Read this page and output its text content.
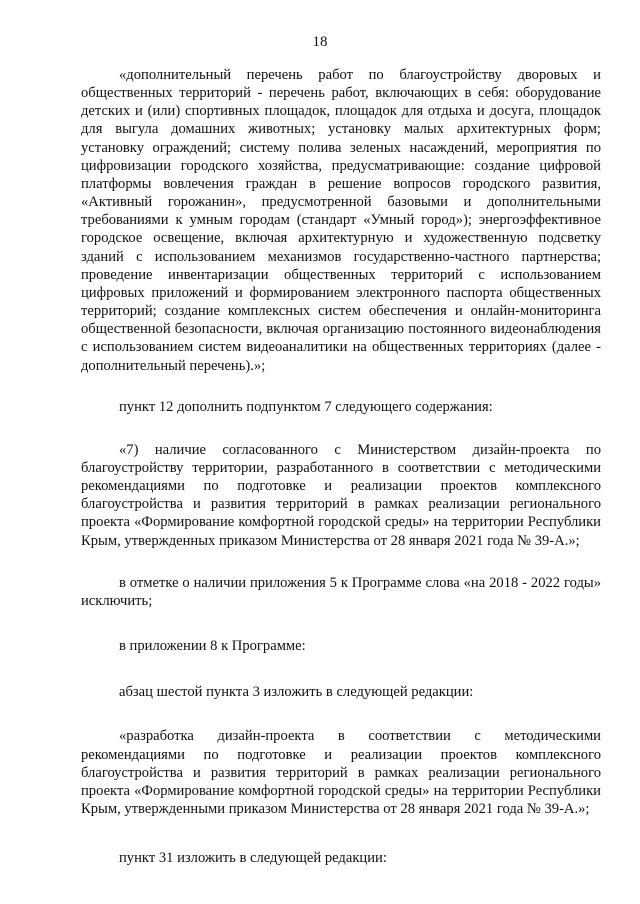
18

«дополнительный перечень работ по благоустройству дворовых и общественных территорий - перечень работ, включающих в себя: оборудование детских и (или) спортивных площадок, площадок для отдыха и досуга, площадок для выгула домашних животных; установку малых архитектурных форм; установку ограждений; систему полива зеленых насаждений, мероприятия по цифровизации городского хозяйства, предусматривающие: создание цифровой платформы вовлечения граждан в решение вопросов городского развития, «Активный горожанин», предусмотренной базовыми и дополнительными требованиями к умным городам (стандарт «Умный город»); энергоэффективное городское освещение, включая архитектурную и художественную подсветку зданий с использованием механизмов государственно-частного партнерства; проведение инвентаризации общественных территорий с использованием цифровых приложений и формированием электронного паспорта общественных территорий; создание комплексных систем обеспечения и онлайн-мониторинга общественной безопасности, включая организацию постоянного видеонаблюдения с использованием систем видеоаналитики на общественных территориях (далее - дополнительный перечень).»;

пункт 12 дополнить подпунктом 7 следующего содержания:

«7) наличие согласованного с Министерством дизайн-проекта по благоустройству территории, разработанного в соответствии с методическими рекомендациями по подготовке и реализации проектов комплексного благоустройства и развития территорий в рамках реализации регионального проекта «Формирование комфортной городской среды» на территории Республики Крым, утвержденных приказом Министерства от 28 января 2021 года № 39-А.»;

в отметке о наличии приложения 5 к Программе слова «на 2018 - 2022 годы» исключить;

в приложении 8 к Программе:

абзац шестой пункта 3 изложить в следующей редакции:

«разработка дизайн-проекта в соответствии с методическими рекомендациями по подготовке и реализации проектов комплексного благоустройства и развития территорий в рамках реализации регионального проекта «Формирование комфортной городской среды» на территории Республики Крым, утвержденными приказом Министерства от 28 января 2021 года № 39-А.»;

пункт 31 изложить в следующей редакции:
